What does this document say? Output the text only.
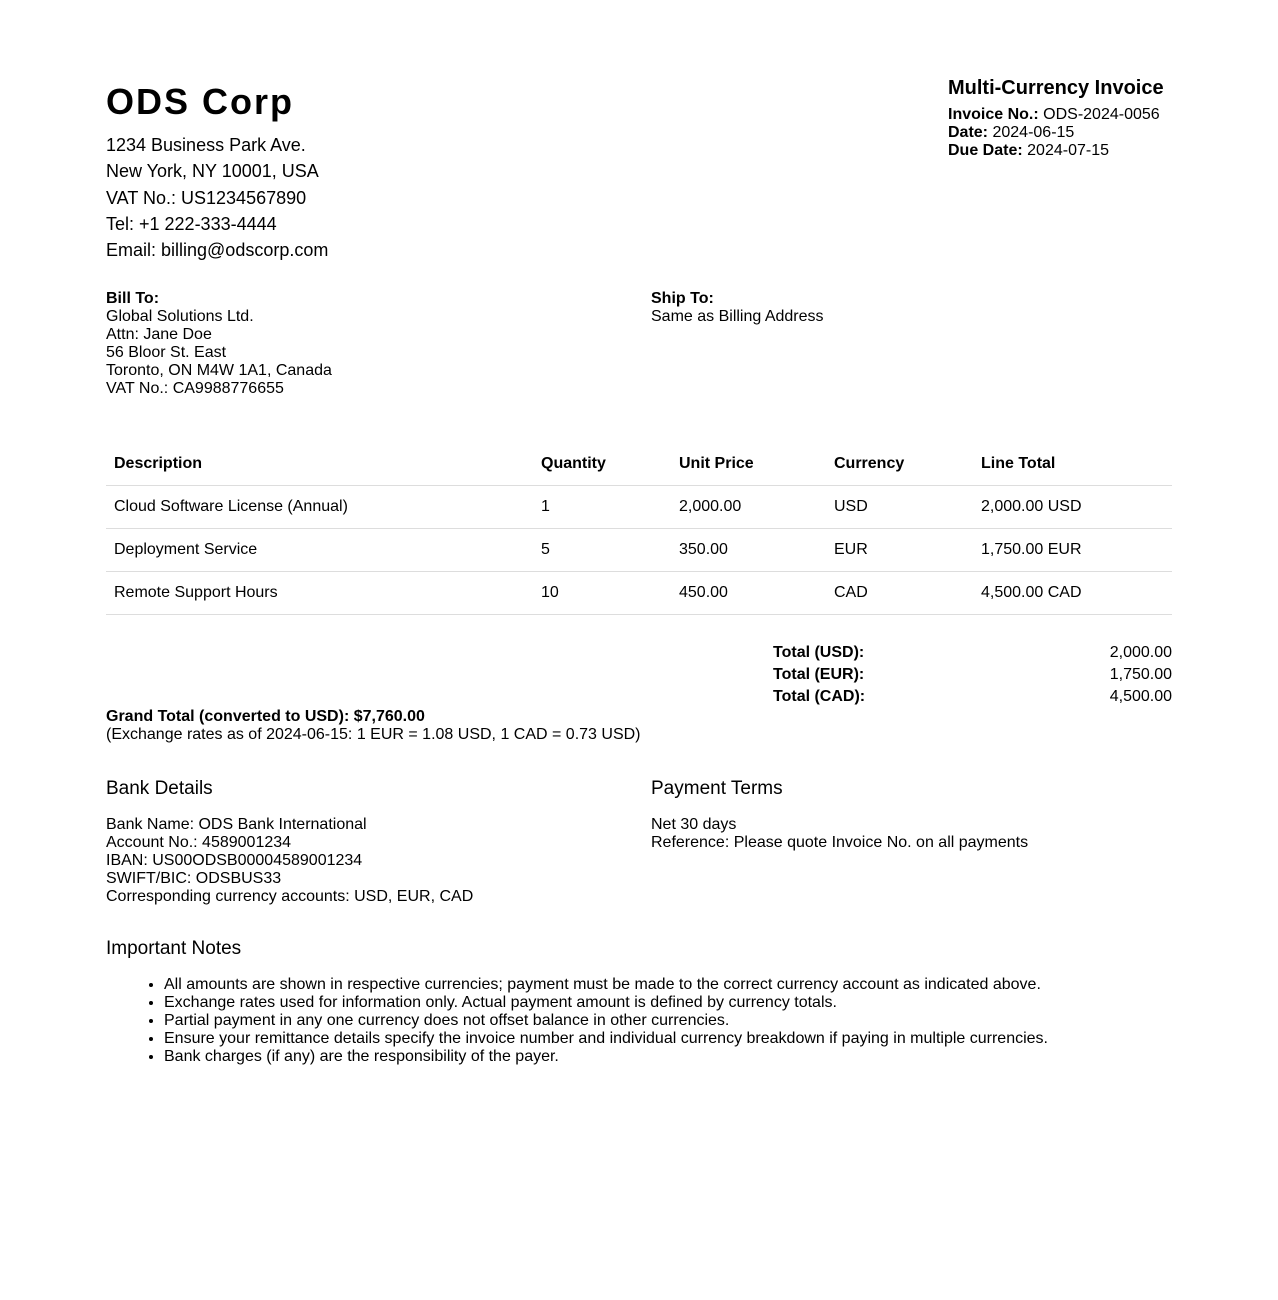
ODS Corp
1234 Business Park Ave.
New York, NY 10001, USA
VAT No.: US1234567890
Tel: +1 222-333-4444
Email: billing@odscorp.com
Multi-Currency Invoice
Invoice No.: ODS-2024-0056
Date: 2024-06-15
Due Date: 2024-07-15
Bill To:
Global Solutions Ltd.
Attn: Jane Doe
56 Bloor St. East
Toronto, ON M4W 1A1, Canada
VAT No.: CA9988776655
Ship To:
Same as Billing Address
Description	Quantity	Unit Price	Currency	Line Total
Cloud Software License (Annual)	1	2,000.00	USD	2,000.00 USD
Deployment Service	5	350.00	EUR	1,750.00 EUR
Remote Support Hours	10	450.00	CAD	4,500.00 CAD
Total (USD):	2,000.00
Total (EUR):	1,750.00
Total (CAD):	4,500.00
Grand Total (converted to USD): $7,760.00
(Exchange rates as of 2024-06-15: 1 EUR = 1.08 USD, 1 CAD = 0.73 USD)
Bank Details
Bank Name: ODS Bank International
Account No.: 4589001234
IBAN: US00ODSB00004589001234
SWIFT/BIC: ODSBUS33
Corresponding currency accounts: USD, EUR, CAD
Payment Terms
Net 30 days
Reference: Please quote Invoice No. on all payments
Important Notes
• All amounts are shown in respective currencies; payment must be made to the correct currency account as indicated above.
• Exchange rates used for information only. Actual payment amount is defined by currency totals.
• Partial payment in any one currency does not offset balance in other currencies.
• Ensure your remittance details specify the invoice number and individual currency breakdown if paying in multiple currencies.
• Bank charges (if any) are the responsibility of the payer.
